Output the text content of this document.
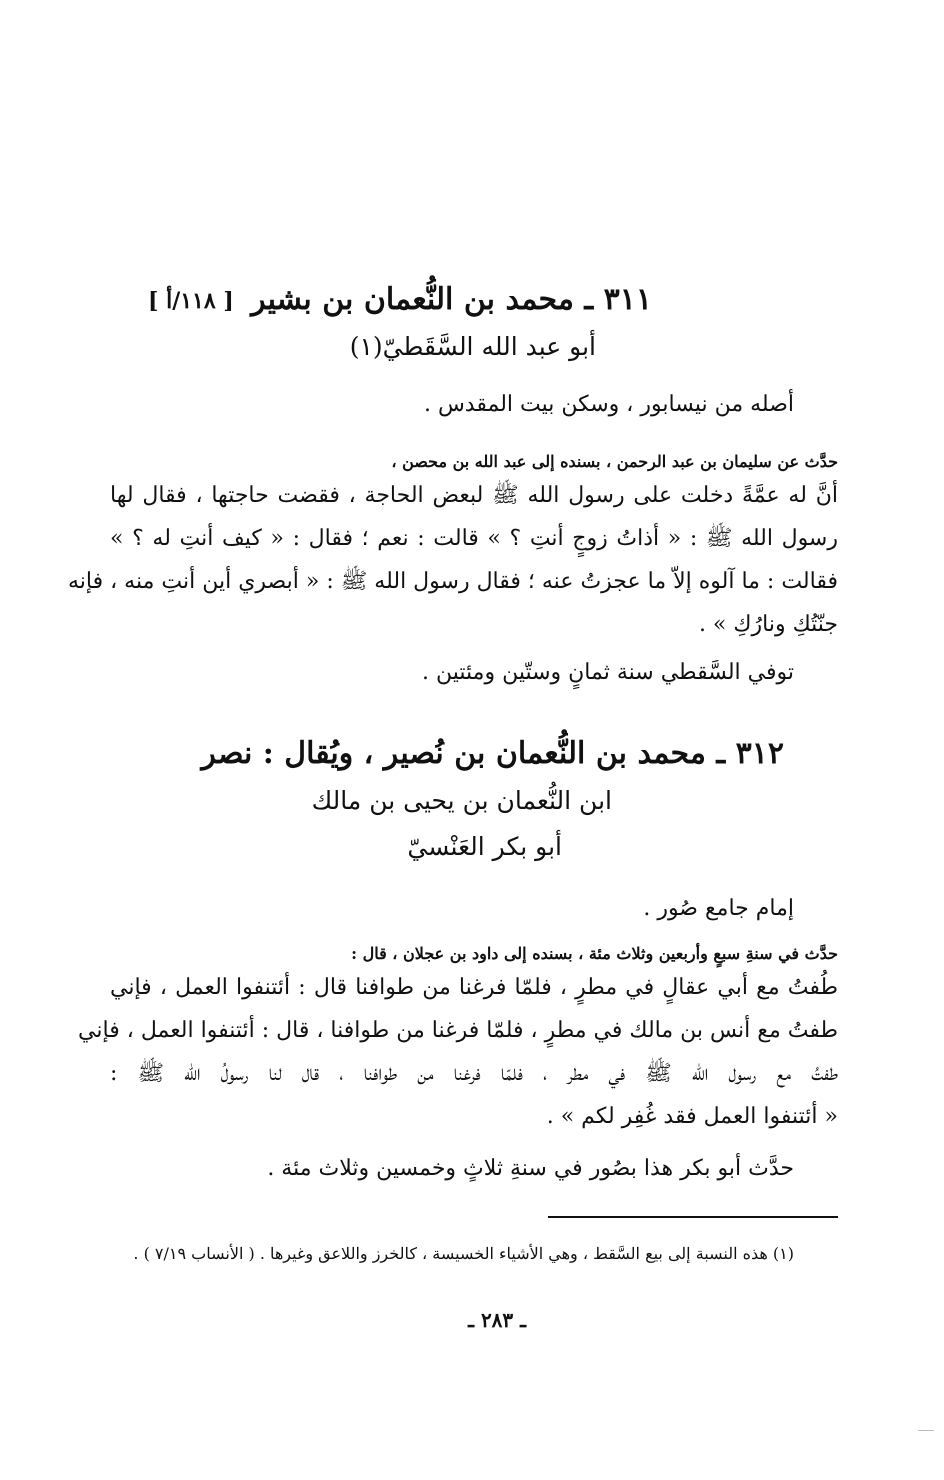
[ ١١٨/أ ] ٣١١ ـ محمد بن النُّعمان بن بشير
أبو عبد الله السَّقَطيّ(١)
أصله من نيسابور ، وسكن بيت المقدس .
حدَّث عن سليمان بن عبد الرحمن ، بسنده إلى عبد الله بن محصن ،
أنَّ له عمَّةً دخلت على رسول الله ﷺ لبعض الحاجة ، فقضت حاجتها ، فقال لها
رسول الله ﷺ : « أذاتُ زوجٍ أنتِ ؟ » قالت : نعم ؛ فقال : « كيف أنتِ له ؟ »
فقالت : ما آلوه إلاّ ما عجزتُ عنه ؛ فقال رسول الله ﷺ : « أبصري أين أنتِ منه ، فإنه
جنّتُكِ ونارُكِ » .
توفي السَّقطي سنة ثمانٍ وستّين ومئتين .
٣١٢ ـ محمد بن النُّعمان بن نُصير ، ويُقال : نصر
ابن النُّعمان بن يحيى بن مالك
أبو بكر العَنْسيّ
إمام جامع صُور .
حدَّث في سنةِ سبعٍ وأربعين وثلاث مئة ، بسنده إلى داود بن عجلان ، قال :
طُفتُ مع أبي عقالٍ في مطرٍ ، فلمّا فرغنا من طوافنا قال : أئتنفوا العمل ، فإني
طفتُ مع أنس بن مالك في مطرٍ ، فلمّا فرغنا من طوافنا ، قال : أئتنفوا العمل ، فإني
طفتُ مع رسول الله ﷺ في مطر ، فلمّا فرغنا من طوافنا ، قال لنا رسولُ الله ﷺ :
« أئتنفوا العمل فقد غُفِر لكم » .
حدَّث أبو بكر هذا بصُور في سنةِ ثلاثٍ وخمسين وثلاث مئة .
(١) هذه النسبة إلى بيع السَّقط ، وهي الأشياء الخسيسة ، كالخرز واللاعق وغيرها . ( الأنساب ٧/١٩ ) .
ـ ٢٨٣ ـ
